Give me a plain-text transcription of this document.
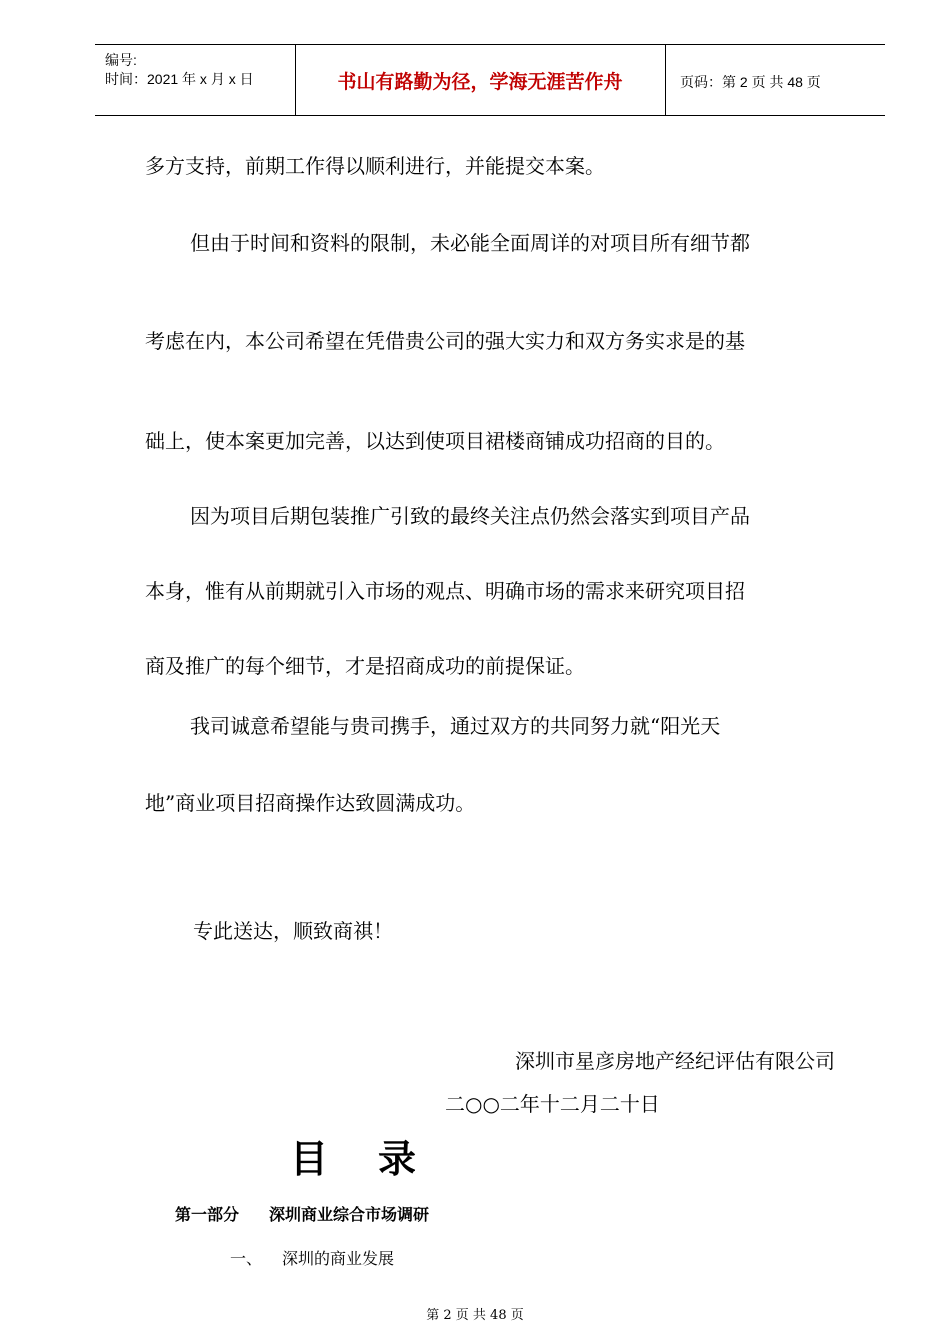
编号:
时间：2021 年 x 月 x 日	书山有路勤为径，学海无涯苦作舟	页码：第 2 页 共 48 页
多方支持，前期工作得以顺利进行，并能提交本案。
但由于时间和资料的限制，未必能全面周详的对项目所有细节都
考虑在内，本公司希望在凭借贵公司的强大实力和双方务实求是的基
础上，使本案更加完善，以达到使项目裙楼商铺成功招商的目的。
因为项目后期包装推广引致的最终关注点仍然会落实到项目产品
本身，惟有从前期就引入市场的观点、明确市场的需求来研究项目招
商及推广的每个细节，才是招商成功的前提保证。
我司诚意希望能与贵司携手，通过双方的共同努力就“阳光天
地”商业项目招商操作达致圆满成功。
专此送达，顺致商祺！
深圳市星彦房地产经纪评估有限公司
二○○二年十二月二十日
目录
第一部分 深圳商业综合市场调研
一、 深圳的商业发展
第 2 页 共 48 页
